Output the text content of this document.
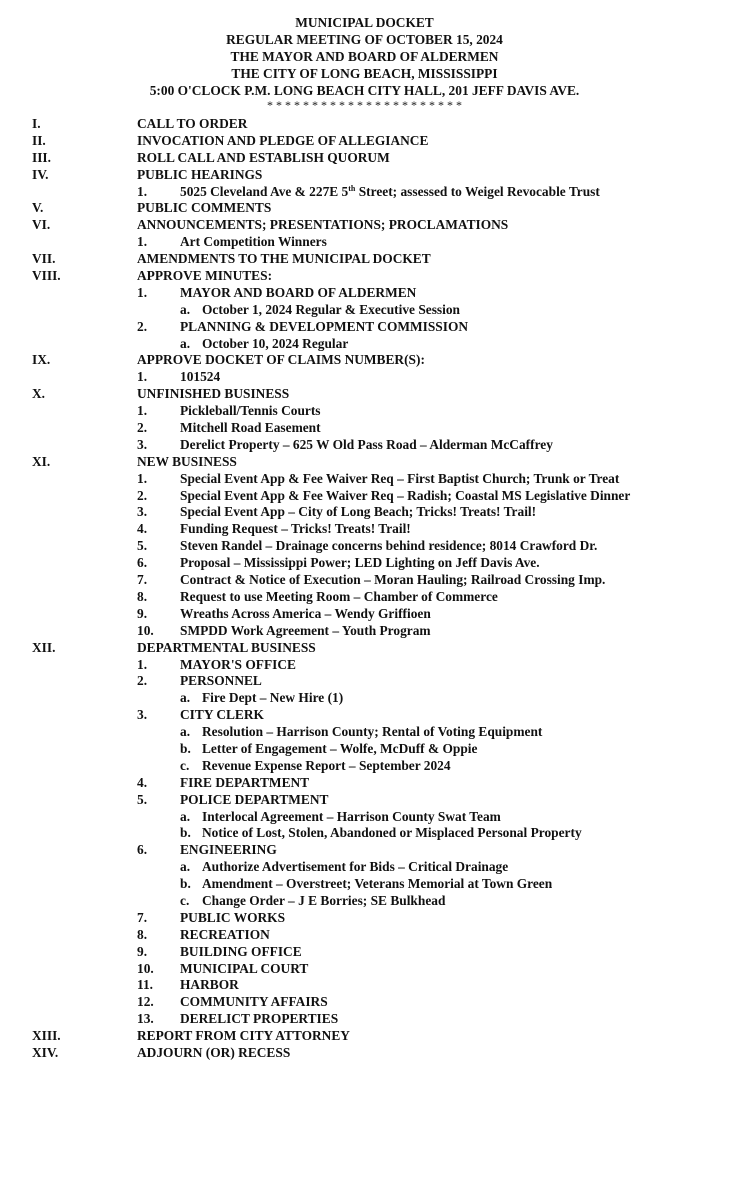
MUNICIPAL DOCKET
REGULAR MEETING OF OCTOBER 15, 2024
THE MAYOR AND BOARD OF ALDERMEN
THE CITY OF LONG BEACH, MISSISSIPPI
5:00 O'CLOCK P.M. LONG BEACH CITY HALL, 201 JEFF DAVIS AVE.
* * * * * * * * * * * * * * * * * * * * * *
I.	CALL TO ORDER
II.	INVOCATION AND PLEDGE OF ALLEGIANCE
III.	ROLL CALL AND ESTABLISH QUORUM
IV.	PUBLIC HEARINGS
1. 5025 Cleveland Ave & 227E 5th Street; assessed to Weigel Revocable Trust
V.	PUBLIC COMMENTS
VI.	ANNOUNCEMENTS; PRESENTATIONS; PROCLAMATIONS
1. Art Competition Winners
VII.	AMENDMENTS TO THE MUNICIPAL DOCKET
VIII.	APPROVE MINUTES:
1. MAYOR AND BOARD OF ALDERMEN
a. October 1, 2024 Regular & Executive Session
2. PLANNING & DEVELOPMENT COMMISSION
a. October 10, 2024 Regular
IX.	APPROVE DOCKET OF CLAIMS NUMBER(S):
1. 101524
X.	UNFINISHED BUSINESS
1. Pickleball/Tennis Courts
2. Mitchell Road Easement
3. Derelict Property – 625 W Old Pass Road – Alderman McCaffrey
XI.	NEW BUSINESS
1. Special Event App & Fee Waiver Req – First Baptist Church; Trunk or Treat
2. Special Event App & Fee Waiver Req – Radish; Coastal MS Legislative Dinner
3. Special Event App – City of Long Beach; Tricks! Treats! Trail!
4. Funding Request – Tricks! Treats! Trail!
5. Steven Randel – Drainage concerns behind residence; 8014 Crawford Dr.
6. Proposal – Mississippi Power; LED Lighting on Jeff Davis Ave.
7. Contract & Notice of Execution – Moran Hauling; Railroad Crossing Imp.
8. Request to use Meeting Room – Chamber of Commerce
9. Wreaths Across America – Wendy Griffioen
10. SMPDD Work Agreement – Youth Program
XII.	DEPARTMENTAL BUSINESS
1. MAYOR'S OFFICE
2. PERSONNEL
a. Fire Dept – New Hire (1)
3. CITY CLERK
a. Resolution – Harrison County; Rental of Voting Equipment
b. Letter of Engagement – Wolfe, McDuff & Oppie
c. Revenue Expense Report – September 2024
4. FIRE DEPARTMENT
5. POLICE DEPARTMENT
a. Interlocal Agreement – Harrison County Swat Team
b. Notice of Lost, Stolen, Abandoned or Misplaced Personal Property
6. ENGINEERING
a. Authorize Advertisement for Bids – Critical Drainage
b. Amendment – Overstreet; Veterans Memorial at Town Green
c. Change Order – J E Borries; SE Bulkhead
7. PUBLIC WORKS
8. RECREATION
9. BUILDING OFFICE
10. MUNICIPAL COURT
11. HARBOR
12. COMMUNITY AFFAIRS
13. DERELICT PROPERTIES
XIII.	REPORT FROM CITY ATTORNEY
XIV.	ADJOURN (OR) RECESS
